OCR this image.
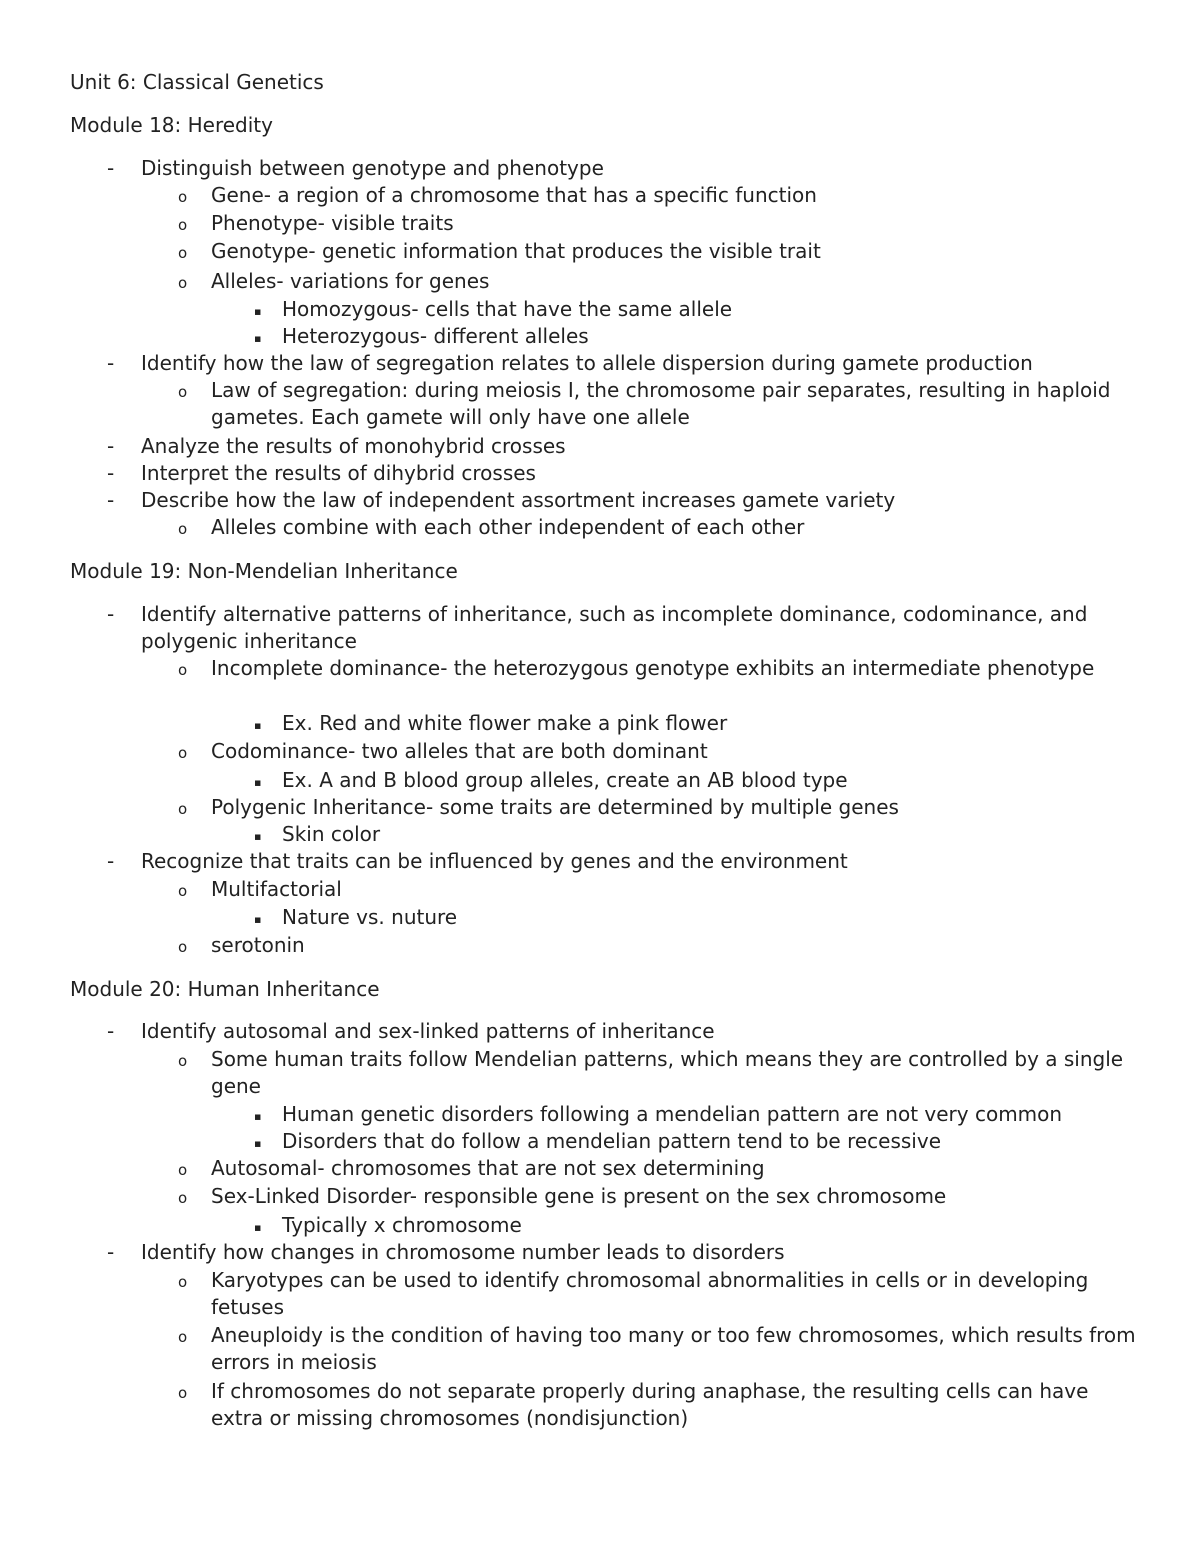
Unit 6: Classical Genetics
Module 18: Heredity
- Distinguish between genotype and phenotype
o Gene- a region of a chromosome that has a specific function
o Phenotype- visible traits
o Genotype- genetic information that produces the visible trait
o Alleles- variations for genes
▪ Homozygous- cells that have the same allele
▪ Heterozygous- different alleles
- Identify how the law of segregation relates to allele dispersion during gamete production
o Law of segregation: during meiosis I, the chromosome pair separates, resulting in haploid gametes. Each gamete will only have one allele
- Analyze the results of monohybrid crosses
- Interpret the results of dihybrid crosses
- Describe how the law of independent assortment increases gamete variety
o Alleles combine with each other independent of each other
Module 19: Non-Mendelian Inheritance
- Identify alternative patterns of inheritance, such as incomplete dominance, codominance, and polygenic inheritance
o Incomplete dominance- the heterozygous genotype exhibits an intermediate phenotype
▪ Ex. Red and white flower make a pink flower
o Codominance- two alleles that are both dominant
▪ Ex. A and B blood group alleles, create an AB blood type
o Polygenic Inheritance- some traits are determined by multiple genes
▪ Skin color
- Recognize that traits can be influenced by genes and the environment
o Multifactorial
▪ Nature vs. nuture
o serotonin
Module 20: Human Inheritance
- Identify autosomal and sex-linked patterns of inheritance
o Some human traits follow Mendelian patterns, which means they are controlled by a single gene
▪ Human genetic disorders following a mendelian pattern are not very common
▪ Disorders that do follow a mendelian pattern tend to be recessive
o Autosomal- chromosomes that are not sex determining
o Sex-Linked Disorder- responsible gene is present on the sex chromosome
▪ Typically x chromosome
- Identify how changes in chromosome number leads to disorders
o Karyotypes can be used to identify chromosomal abnormalities in cells or in developing fetuses
o Aneuploidy is the condition of having too many or too few chromosomes, which results from errors in meiosis
o If chromosomes do not separate properly during anaphase, the resulting cells can have extra or missing chromosomes (nondisjunction)
